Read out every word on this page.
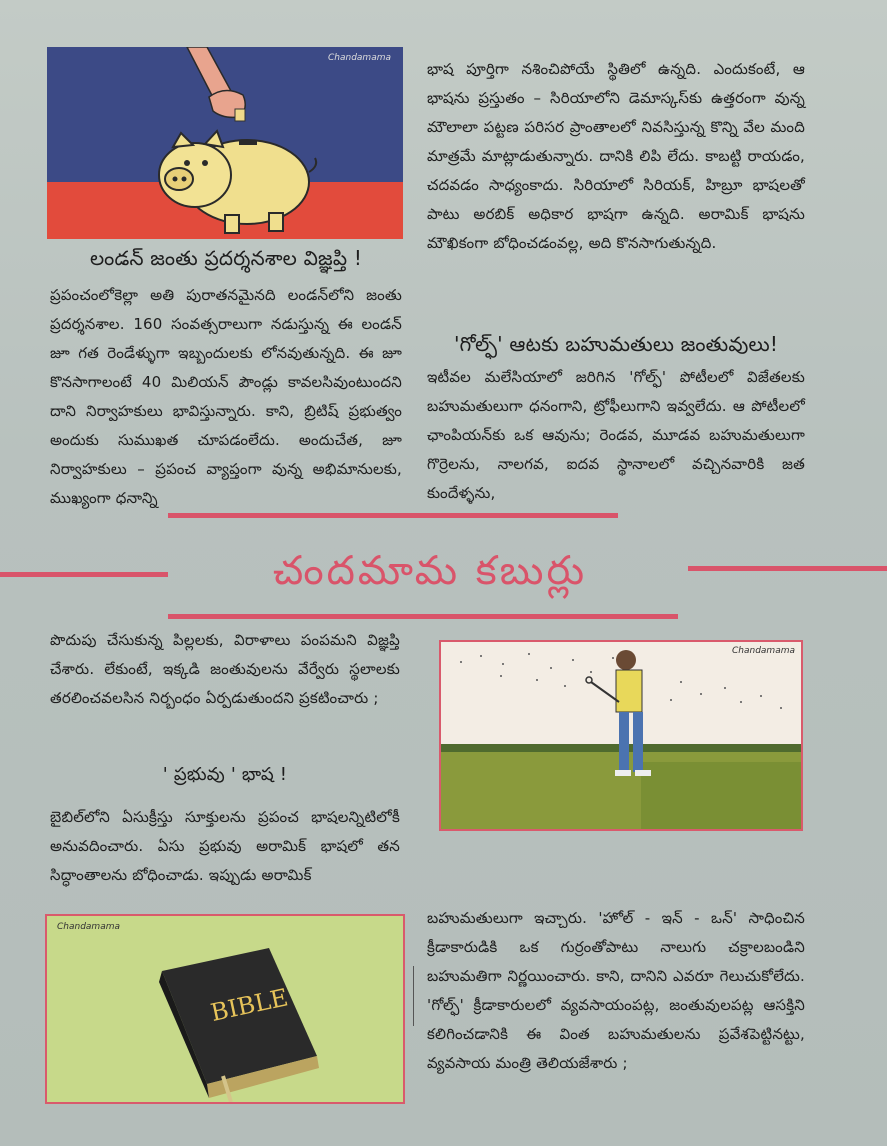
Chandamama
లండన్ జంతు ప్రదర్శనశాల విజ్ఞప్తి !

ప్రపంచంలోకెల్లా అతి పురాతనమైనది లండన్‌లోని జంతు ప్రదర్శనశాల. 160 సంవత్సరాలుగా నడుస్తున్న ఈ లండన్ జూ గత రెండేళ్ళుగా ఇబ్బందులకు లోనవుతున్నది. ఈ జూ కొనసాగాలంటే 40 మిలియన్ పౌండ్లు కావలసివుంటుందని దాని నిర్వాహకులు భావిస్తున్నారు. కాని, బ్రిటిష్ ప్రభుత్వం అందుకు సుముఖత చూపడంలేదు. అందుచేత, జూ నిర్వాహకులు – ప్రపంచ వ్యాప్తంగా వున్న అభిమానులకు, ముఖ్యంగా ధనాన్ని

భాష పూర్తిగా నశించిపోయే స్థితిలో ఉన్నది. ఎందుకంటే, ఆ భాషను ప్రస్తుతం – సిరియాలోని డెమాస్కస్‌కు ఉత్తరంగా వున్న మౌలాలా పట్టణ పరిసర ప్రాంతాలలో నివసిస్తున్న కొన్ని వేల మంది మాత్రమే మాట్లాడుతున్నారు. దానికి లిపి లేదు. కాబట్టి రాయడం, చదవడం సాధ్యంకాదు. సిరియాలో సిరియక్, హిబ్రూ భాషలతో పాటు అరబిక్ అధికార భాషగా ఉన్నది. అరామిక్ భాషను మౌఖికంగా బోధించడంవల్ల, అది కొనసాగుతున్నది.

'గోల్ఫ్' ఆటకు బహుమతులు జంతువులు!

ఇటీవల మలేసియాలో జరిగిన 'గోల్ఫ్' పోటీలలో విజేతలకు బహుమతులుగా ధనంగాని, ట్రోఫీలుగాని ఇవ్వలేదు. ఆ పోటీలలో ఛాంపియన్‌కు ఒక ఆవును; రెండవ, మూడవ బహుమతులుగా గొర్రెలను, నాలగవ, ఐదవ స్థానాలలో వచ్చినవారికి జత కుందేళ్ళను,

చందమామ కబుర్లు

పొదుపు చేసుకున్న పిల్లలకు, విరాళాలు పంపమని విజ్ఞప్తి చేశారు. లేకుంటే, ఇక్కడి జంతువులను వేర్వేరు స్థలాలకు తరలించవలసిన నిర్బంధం ఏర్పడుతుందని ప్రకటించారు ;

' ప్రభువు ' భాష !

బైబిల్‌లోని ఏసుక్రీస్తు సూక్తులను ప్రపంచ భాషలన్నిటిలోకీ అనువదించారు. ఏసు ప్రభువు అరామిక్ భాషలో తన సిద్ధాంతాలను బోధించాడు. ఇప్పుడు అరామిక్

Chandamama
BIBLE
Chandamama	బహుమతులుగా ఇచ్చారు. 'హోల్ - ఇన్ - ఒన్' సాధించిన క్రీడాకారుడికి ఒక గుర్రంతోపాటు నాలుగు చక్రాలబండిని బహుమతిగా నిర్ణయించారు. కాని, దానిని ఎవరూ గెలుచుకోలేదు. 'గోల్ఫ్' క్రీడాకారులలో వ్యవసాయంపట్ల, జంతువులపట్ల ఆసక్తిని కలిగించడానికి ఈ వింత బహుమతులను ప్రవేశపెట్టినట్టు, వ్యవసాయ మంత్రి తెలియజేశారు ;
